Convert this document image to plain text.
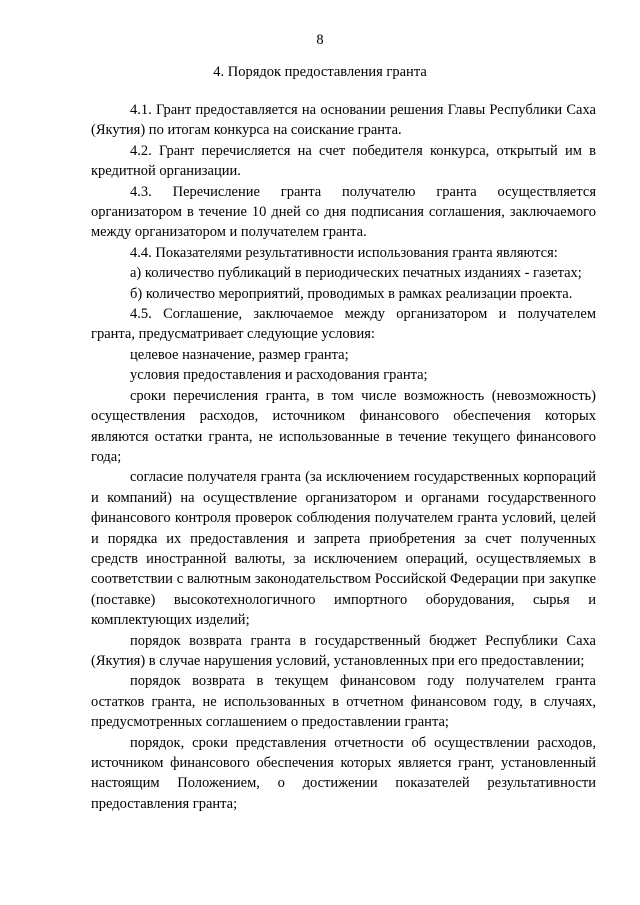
8
4. Порядок предоставления гранта

4.1. Грант предоставляется на основании решения Главы Республики Саха (Якутия) по итогам конкурса на соискание гранта.

4.2. Грант перечисляется на счет победителя конкурса, открытый им в кредитной организации.

4.3. Перечисление гранта получателю гранта осуществляется организатором в течение 10 дней со дня подписания соглашения, заключаемого между организатором и получателем гранта.

4.4. Показателями результативности использования гранта являются:

а) количество публикаций в периодических печатных изданиях - газетах;

б) количество мероприятий, проводимых в рамках реализации проекта.

4.5. Соглашение, заключаемое между организатором и получателем гранта, предусматривает следующие условия:

целевое назначение, размер гранта;

условия предоставления и расходования гранта;

сроки перечисления гранта, в том числе возможность (невозможность) осуществления расходов, источником финансового обеспечения которых являются остатки гранта, не использованные в течение текущего финансового года;

согласие получателя гранта (за исключением государственных корпораций и компаний) на осуществление организатором и органами государственного финансового контроля проверок соблюдения получателем гранта условий, целей и порядка их предоставления и запрета приобретения за счет полученных средств иностранной валюты, за исключением операций, осуществляемых в соответствии с валютным законодательством Российской Федерации при закупке (поставке) высокотехнологичного импортного оборудования, сырья и комплектующих изделий;

порядок возврата гранта в государственный бюджет Республики Саха (Якутия) в случае нарушения условий, установленных при его предоставлении;

порядок возврата в текущем финансовом году получателем гранта остатков гранта, не использованных в отчетном финансовом году, в случаях, предусмотренных соглашением о предоставлении гранта;

порядок, сроки представления отчетности об осуществлении расходов, источником финансового обеспечения которых является грант, установленный настоящим Положением, о достижении показателей результативности предоставления гранта;
